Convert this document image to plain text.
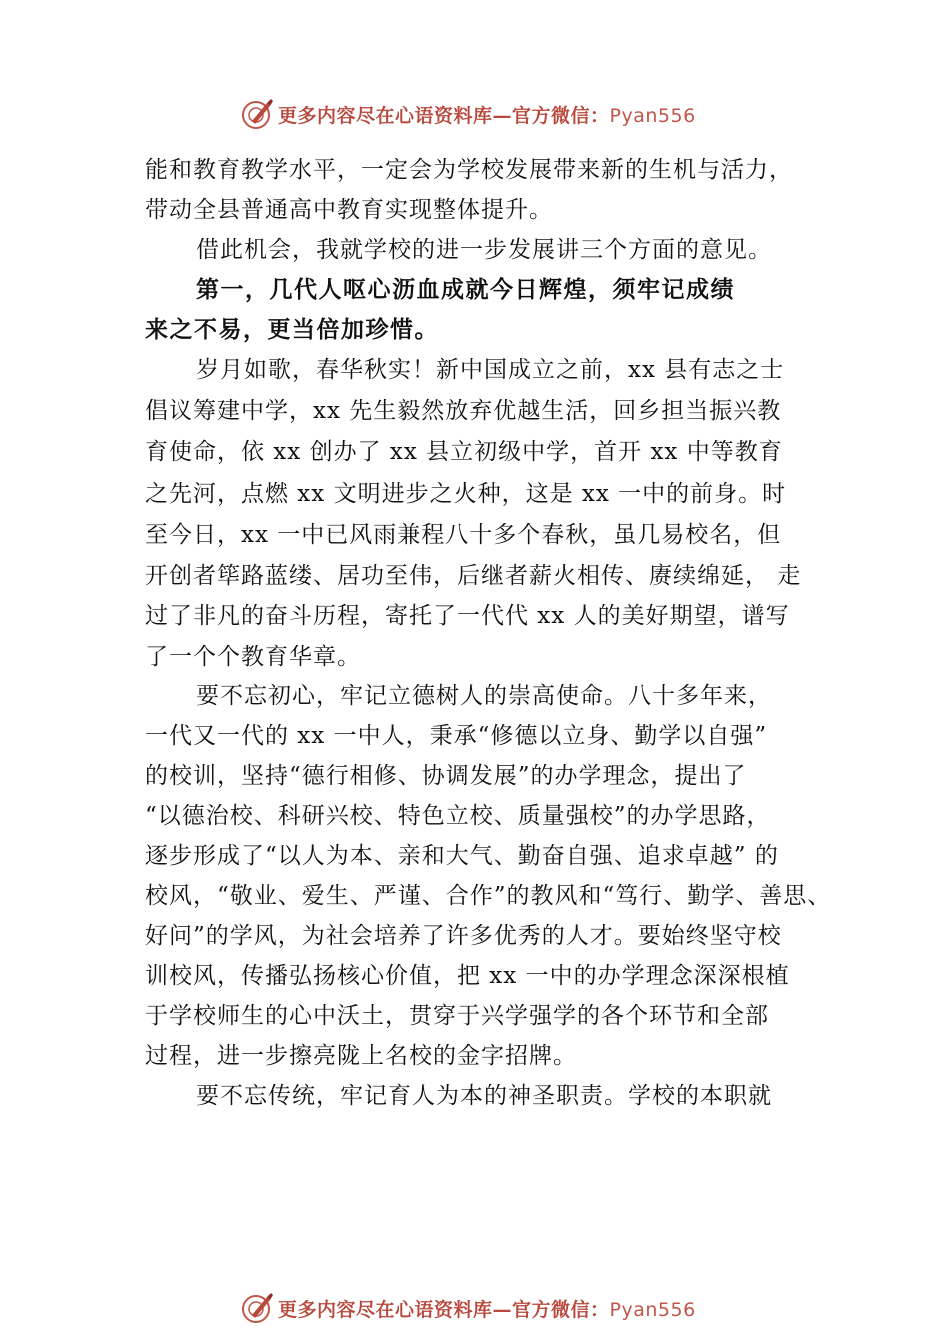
更多内容尽在心语资料库—官方微信：Pyan556
能和教育教学水平，一定会为学校发展带来新的生机与活力，
带动全县普通高中教育实现整体提升。
借此机会，我就学校的进一步发展讲三个方面的意见。
第一，几代人呕心沥血成就今日辉煌，须牢记成绩
来之不易，更当倍加珍惜。
岁月如歌，春华秋实！新中国成立之前，xx 县有志之士
倡议筹建中学，xx 先生毅然放弃优越生活，回乡担当振兴教
育使命，依 xx 创办了 xx 县立初级中学，首开 xx 中等教育
之先河，点燃 xx 文明进步之火种，这是 xx 一中的前身。时
至今日，xx 一中已风雨兼程八十多个春秋，虽几易校名，但
开创者筚路蓝缕、居功至伟，后继者薪火相传、赓续绵延， 走
过了非凡的奋斗历程，寄托了一代代 xx 人的美好期望，谱写
了一个个教育华章。
要不忘初心，牢记立德树人的崇高使命。八十多年来，
一代又一代的 xx 一中人，秉承“修德以立身、勤学以自强”
的校训，坚持“德行相修、协调发展”的办学理念，提出了
“以德治校、科研兴校、特色立校、质量强校”的办学思路，
逐步形成了“以人为本、亲和大气、勤奋自强、追求卓越” 的
校风，“敬业、爱生、严谨、合作”的教风和“笃行、勤学、善思、
好问”的学风，为社会培养了许多优秀的人才。要始终坚守校
训校风，传播弘扬核心价值，把 xx 一中的办学理念深深根植
于学校师生的心中沃土，贯穿于兴学强学的各个环节和全部
过程，进一步擦亮陇上名校的金字招牌。
要不忘传统，牢记育人为本的神圣职责。学校的本职就
更多内容尽在心语资料库—官方微信：Pyan556
